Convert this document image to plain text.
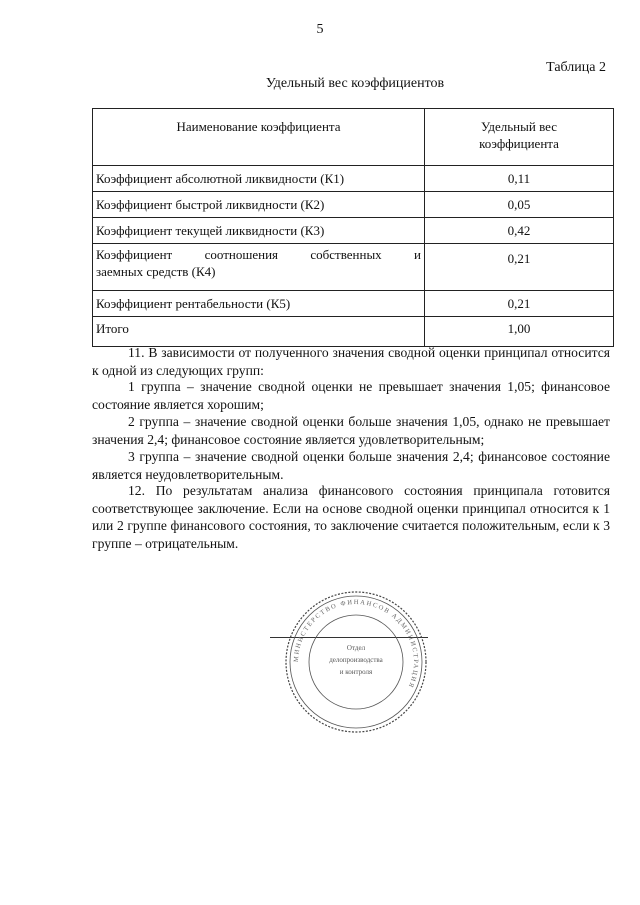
5
Таблица 2
Удельный вес коэффициентов
Наименование коэффициента	Удельный вес
коэффициента
Коэффициент абсолютной ликвидности (К1)	0,11
Коэффициент быстрой ликвидности (К2)	0,05
Коэффициент текущей ликвидности (К3)	0,42

Коэффициент соотношения собственных и
заемных средств (К4)	0,21
Коэффициент рентабельности (К5)	0,21
Итого	1,00
11. В зависимости от полученного значения сводной оценки принципал относится к одной из следующих групп:
1 группа – значение сводной оценки не превышает значения 1,05; финансовое состояние является хорошим;
2 группа – значение сводной оценки больше значения 1,05, однако не превышает значения 2,4; финансовое состояние является удовлетворительным;
3 группа – значение сводной оценки больше значения 2,4; финансовое состояние является неудовлетворительным.
12. По результатам анализа финансового состояния принципала готовится соответствующее заключение. Если на основе сводной оценки принципал относится к 1 или 2 группе финансового состояния, то заключение считается положительным, если к 3 группе – отрицательным.
МИНИСТЕРСТВО ФИНАНСОВ АДМИНИСТРАЦИЯ
Отдел
делопроизводства
и контроля
